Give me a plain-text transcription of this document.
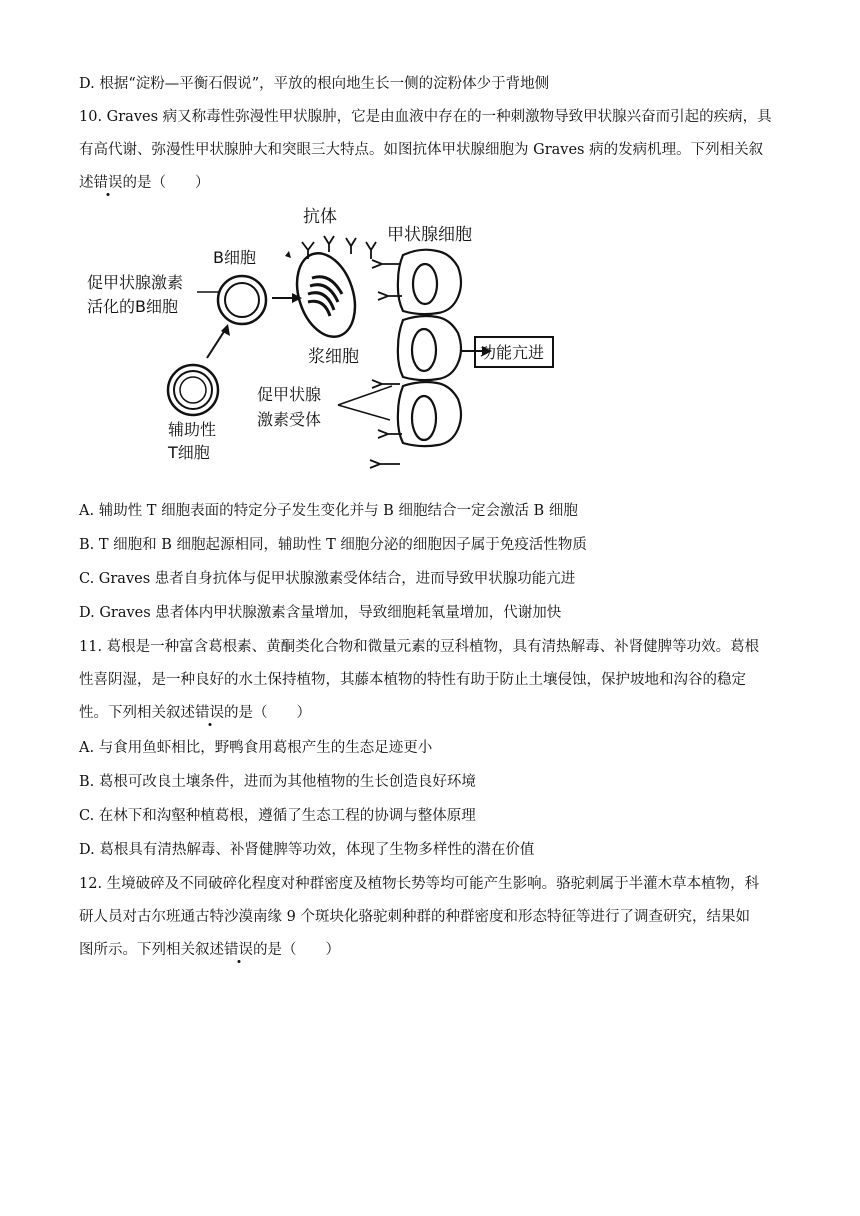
D. 根据“淀粉—平衡石假说”，平放的根向地生长一侧的淀粉体少于背地侧
10. Graves 病又称毒性弥漫性甲状腺肿，它是由血液中存在的一种刺激物导致甲状腺兴奋而引起的疾病，具
有高代谢、弥漫性甲状腺肿大和突眼三大特点。如图抗体甲状腺细胞为 Graves 病的发病机理。下列相关叙
述错误的是（　　）
抗体
甲状腺细胞
B细胞
促甲状腺激素
活化的B细胞
浆细胞
促甲状腺
激素受体
辅助性
T细胞
功能亢进
A. 辅助性 T 细胞表面的特定分子发生变化并与 B 细胞结合一定会激活 B 细胞
B. T 细胞和 B 细胞起源相同，辅助性 T 细胞分泌的细胞因子属于免疫活性物质
C. Graves 患者自身抗体与促甲状腺激素受体结合，进而导致甲状腺功能亢进
D. Graves 患者体内甲状腺激素含量增加，导致细胞耗氧量增加，代谢加快
11. 葛根是一种富含葛根素、黄酮类化合物和微量元素的豆科植物，具有清热解毒、补肾健脾等功效。葛根
性喜阴湿，是一种良好的水土保持植物，其藤本植物的特性有助于防止土壤侵蚀，保护坡地和沟谷的稳定
性。下列相关叙述错误的是（　　）
A. 与食用鱼虾相比，野鸭食用葛根产生的生态足迹更小
B. 葛根可改良土壤条件，进而为其他植物的生长创造良好环境
C. 在林下和沟壑种植葛根，遵循了生态工程的协调与整体原理
D. 葛根具有清热解毒、补肾健脾等功效，体现了生物多样性的潜在价值
12. 生境破碎及不同破碎化程度对种群密度及植物长势等均可能产生影响。骆驼刺属于半灌木草本植物，科
研人员对古尔班通古特沙漠南缘 9 个斑块化骆驼刺种群的种群密度和形态特征等进行了调查研究，结果如
图所示。下列相关叙述错误的是（　　）
